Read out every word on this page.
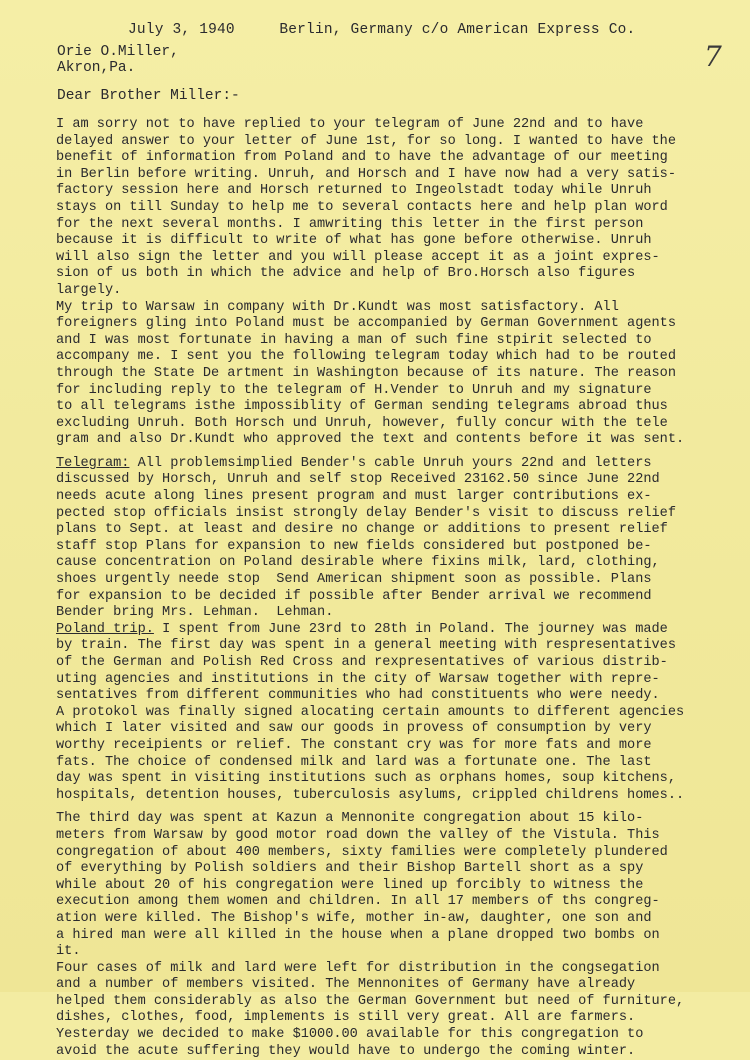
July 3, 1940	Berlin, Germany c/o American Express Co.
7
Orie O.Miller,
Akron,Pa.
Dear Brother Miller:-
I am sorry not to have replied to your telegram of June 22nd and to have
delayed answer to your letter of June 1st, for so long. I wanted to have the
benefit of information from Poland and to have the advantage of our meeting
in Berlin before writing. Unruh, and Horsch and I have now had a very satis-
factory session here and Horsch returned to Ingeolstadt today while Unruh
stays on till Sunday to help me to several contacts here and help plan word
for the next several months. I amwriting this letter in the first person
because it is difficult to write of what has gone before otherwise. Unruh
will also sign the letter and you will please accept it as a joint expres-
sion of us both in which the advice and help of Bro.Horsch also figures
largely.
My trip to Warsaw in company with Dr.Kundt was most satisfactory. All
foreigners gling into Poland must be accompanied by German Government agents
and I was most fortunate in having a man of such fine stpirit selected to
accompany me. I sent you the following telegram today which had to be routed
through the State De artment in Washington because of its nature. The reason
for including reply to the telegram of H.Vender to Unruh and my signature
to all telegrams isthe impossiblity of German sending telegrams abroad thus
excluding Unruh. Both Horsch und Unruh, however, fully concur with the tele
gram and also Dr.Kundt who approved the text and contents before it was sent.
Telegram: All problemsimplied Bender's cable Unruh yours 22nd and letters
discussed by Horsch, Unruh and self stop Received 23162.50 since June 22nd
needs acute along lines present program and must larger contributions ex-
pected stop officials insist strongly delay Bender's visit to discuss relief
plans to Sept. at least and desire no change or additions to present relief
staff stop Plans for expansion to new fields considered but postponed be-
cause concentration on Poland desirable where fixins milk, lard, clothing,
shoes urgently neede stop  Send American shipment soon as possible. Plans
for expansion to be decided if possible after Bender arrival we recommend
Bender bring Mrs. Lehman.  Lehman.
Poland trip. I spent from June 23rd to 28th in Poland. The journey was made
by train. The first day was spent in a general meeting with respresentatives
of the German and Polish Red Cross and rexpresentatives of various distrib-
uting agencies and institutions in the city of Warsaw together with repre-
sentatives from different communities who had constituents who were needy.
A protokol was finally signed alocating certain amounts to different agencies
which I later visited and saw our goods in provess of consumption by very
worthy receipients or relief. The constant cry was for more fats and more
fats. The choice of condensed milk and lard was a fortunate one. The last
day was spent in visiting institutions such as orphans homes, soup kitchens,
hospitals, detention houses, tuberculosis asylums, crippled childrens homes..
The third day was spent at Kazun a Mennonite congregation about 15 kilo-
meters from Warsaw by good motor road down the valley of the Vistula. This
congregation of about 400 members, sixty families were completely plundered
of everything by Polish soldiers and their Bishop Bartell short as a spy
while about 20 of his congregation were lined up forcibly to witness the
execution among them women and children. In all 17 members of ths congreg-
ation were killed. The Bishop's wife, mother in-aw, daughter, one son and
a hired man were all killed in the house when a plane dropped two bombs on
it.
Four cases of milk and lard were left for distribution in the congsegation
and a number of members visited. The Mennonites of Germany have already
helped them considerably as also the German Government but need of furniture,
dishes, clothes, food, implements is still very great. All are farmers.
Yesterday we decided to make $1000.00 available for this congregation to
avoid the acute suffering they would have to undergo the coming winter.
